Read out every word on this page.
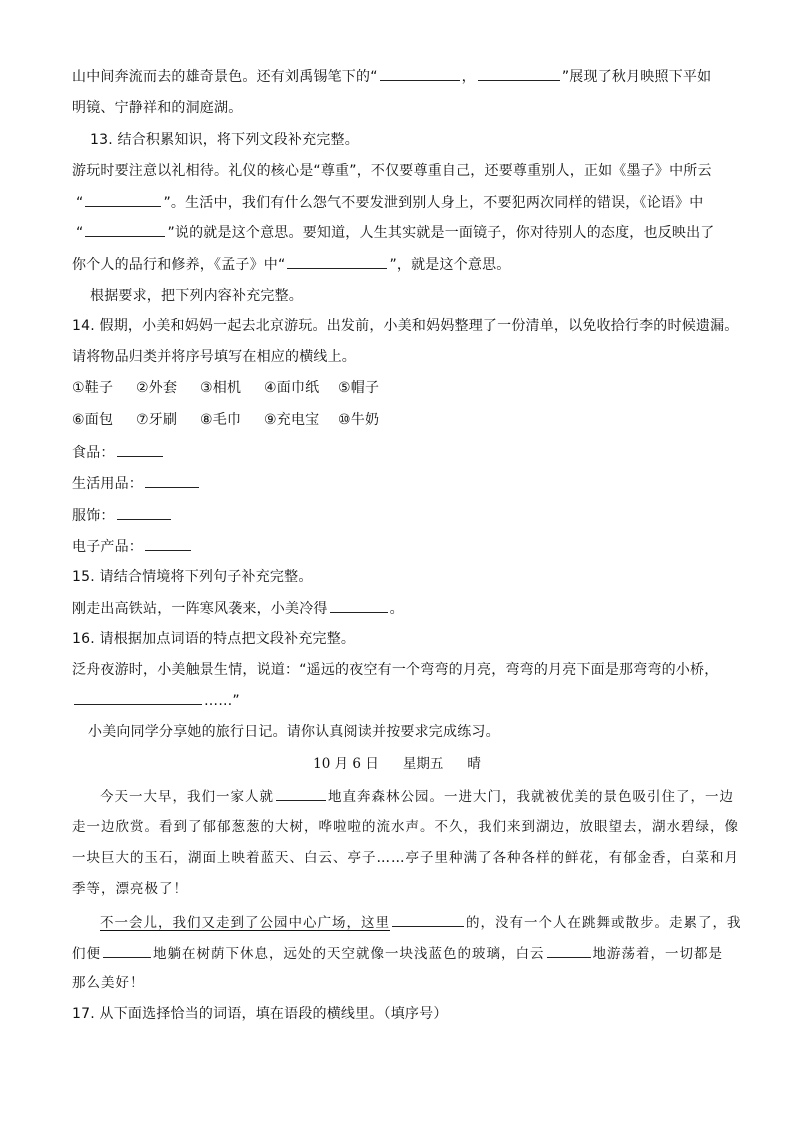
山中间奔流而去的雄奇景色。还有刘禹锡笔下的“	，	”展现了秋月映照下平如
明镜、宁静祥和的洞庭湖。
13. 结合积累知识，将下列文段补充完整。
游玩时要注意以礼相待。礼仪的核心是“尊重”，不仅要尊重自己，还要尊重别人，正如《墨子》中所云
“	”。生活中，我们有什么怨气不要发泄到别人身上，不要犯两次同样的错误，《论语》中
“	”说的就是这个意思。要知道，人生其实就是一面镜子，你对待别人的态度，也反映出了
你个人的品行和修养，《孟子》中“	”，就是这个意思。
根据要求，把下列内容补充完整。
14. 假期，小美和妈妈一起去北京游玩。出发前，小美和妈妈整理了一份清单，以免收拾行李的时候遗漏。
请将物品归类并将序号填写在相应的横线上。
①鞋子 ②外套 ③相机 ④面巾纸 ⑤帽子
⑥面包 ⑦牙刷 ⑧毛巾 ⑨充电宝 ⑩牛奶
食品：
生活用品：
服饰：
电子产品：
15. 请结合情境将下列句子补充完整。
刚走出高铁站，一阵寒风袭来，小美冷得	。
16. 请根据加点词语的特点把文段补充完整。
泛舟夜游时，小美触景生情，说道：“遥远的夜空有一个弯弯的月亮，弯弯的月亮下面是那弯弯的小桥，
……”
小美向同学分享她的旅行日记。请你认真阅读并按要求完成练习。
10 月 6 日 星期五 晴
今天一大早，我们一家人就	地直奔森林公园。一进大门，我就被优美的景色吸引住了，一边
走一边欣赏。看到了郁郁葱葱的大树，哗啦啦的流水声。不久，我们来到湖边，放眼望去，湖水碧绿，像
一块巨大的玉石，湖面上映着蓝天、白云、亭子……亭子里种满了各种各样的鲜花，有郁金香，白菜和月
季等，漂亮极了！
不一会儿，我们又走到了公园中心广场，这里	的，没有一个人在跳舞或散步。走累了，我
们便	地躺在树荫下休息，远处的天空就像一块浅蓝色的玻璃，白云	地游荡着，一切都是
那么美好！
17. 从下面选择恰当的词语，填在语段的横线里。（填序号）
